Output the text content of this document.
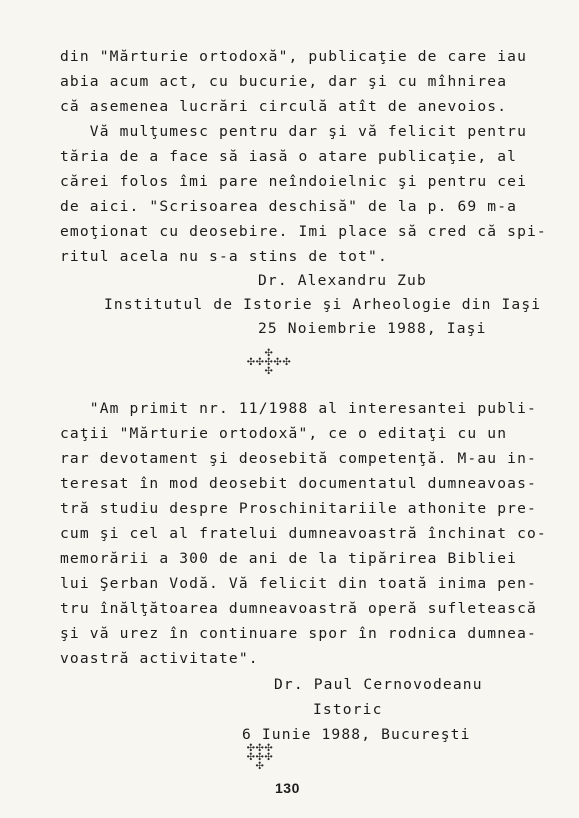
din "Mărturie ortodoxă", publicaţie de care iau

abia acum act, cu bucurie, dar şi cu mîhnirea

că asemenea lucrări circulă atît de anevoios.

Vă mulţumesc pentru dar şi vă felicit pentru

tăria de a face să iasă o atare publicaţie, al

cărei folos îmi pare neîndoielnic şi pentru cei

de aici. "Scrisoarea deschisă" de la p. 69 m-a

emoţionat cu deosebire. Imi place să cred că spi-

ritul acela nu s-a stins de tot".

Dr. Alexandru Zub

Institutul de Istorie şi Arheologie din Iaşi

25 Noiembrie 1988, Iaşi

✣
✣✣✣✣✣
✣

"Am primit nr. 11/1988 al interesantei publi-

caţii "Mărturie ortodoxă", ce o editaţi cu un

rar devotament şi deosebită competenţă. M-au in-

teresat în mod deosebit documentatul dumneavoas-

tră studiu despre Proschinitariile athonite pre-

cum şi cel al fratelui dumneavoastră închinat co-

memorării a 300 de ani de la tipărirea Bibliei

lui Şerban Vodă. Vă felicit din toată inima pen-

tru înălţătoarea dumneavoastră operă sufletească

şi vă urez în continuare spor în rodnica dumnea-

voastră activitate".

Dr. Paul Cernovodeanu

Istoric

6 Iunie 1988, Bucureşti

✣✣✣
✣✣✣
✣
130
